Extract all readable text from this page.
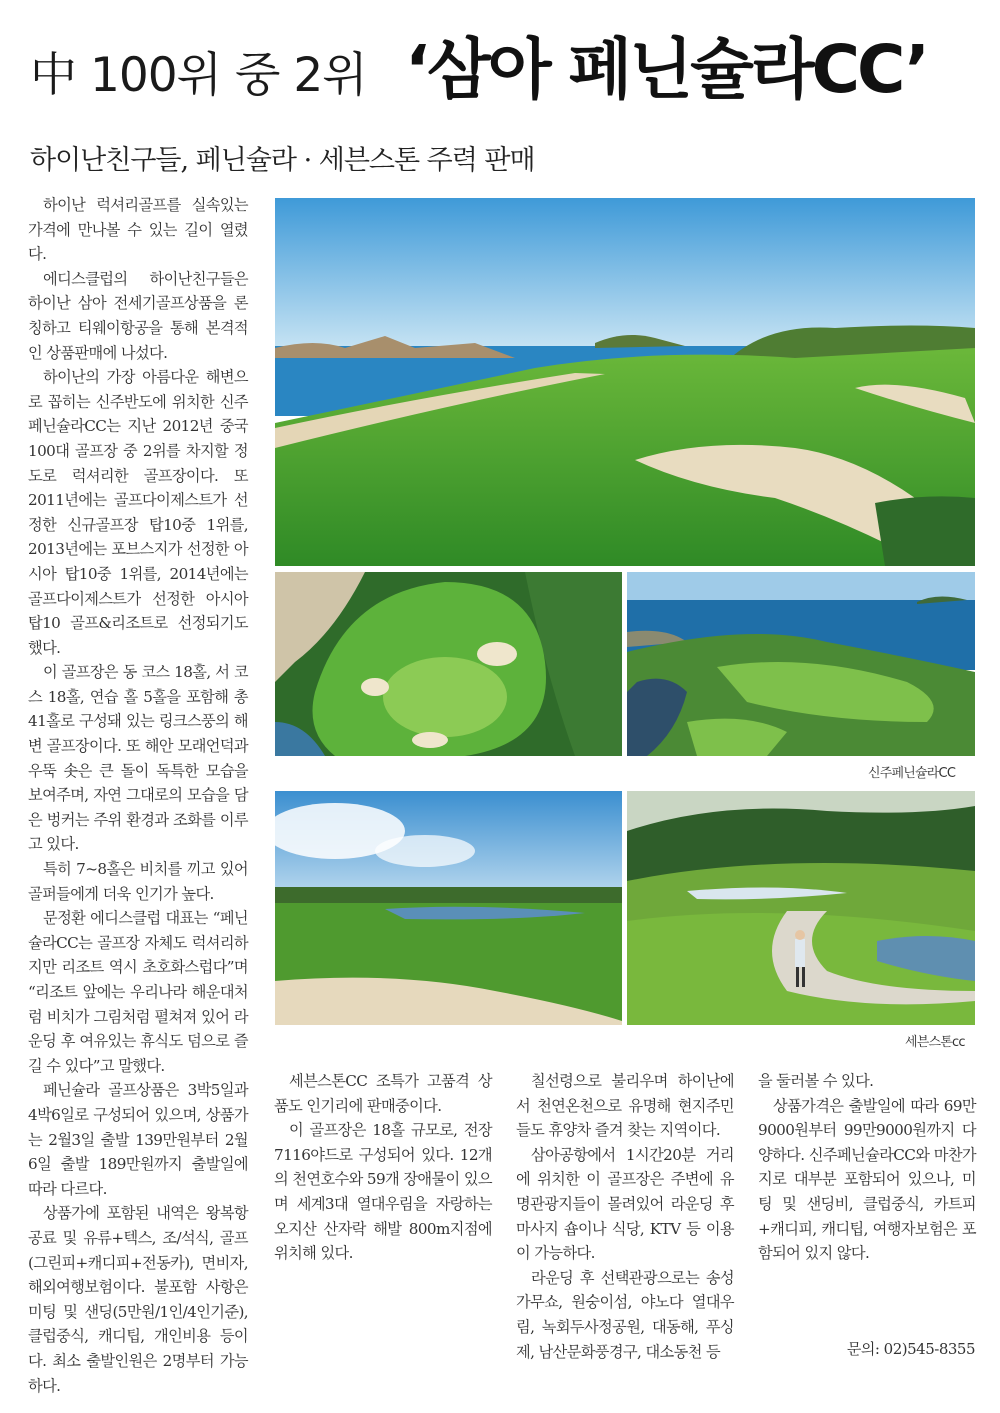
中 100위 중 2위 ‘삼아 페닌슐라CC’
하이난친구들, 페닌슐라 · 세븐스톤 주력 판매

하이난 럭셔리골프를 실속있는 가격에 만나볼 수 있는 길이 열렸다.

에디스클럽의 하이난친구들은 하이난 삼아 전세기골프상품을 론칭하고 티웨이항공을 통해 본격적인 상품판매에 나섰다.

하이난의 가장 아름다운 해변으로 꼽히는 신주반도에 위치한 신주페닌슐라CC는 지난 2012년 중국 100대 골프장 중 2위를 차지할 정도로 럭셔리한 골프장이다. 또 2011년에는 골프다이제스트가 선정한 신규골프장 탑10중 1위를, 2013년에는 포브스지가 선정한 아시아 탑10중 1위를, 2014년에는 골프다이제스트가 선정한 아시아 탑10 골프&리조트로 선정되기도 했다.

이 골프장은 동 코스 18홀, 서 코스 18홀, 연습 홀 5홀을 포함해 총 41홀로 구성돼 있는 링크스풍의 해변 골프장이다. 또 해안 모래언덕과 우뚝 솟은 큰 돌이 독특한 모습을 보여주며, 자연 그대로의 모습을 담은 벙커는 주위 환경과 조화를 이루고 있다.

특히 7~8홀은 비치를 끼고 있어 골퍼들에게 더욱 인기가 높다.

문정환 에디스클럽 대표는 “페닌슐라CC는 골프장 자체도 럭셔리하지만 리조트 역시 초호화스럽다”며 “리조트 앞에는 우리나라 해운대처럼 비치가 그림처럼 펼쳐져 있어 라운딩 후 여유있는 휴식도 덤으로 즐길 수 있다”고 말했다.

페닌슐라 골프상품은 3박5일과 4박6일로 구성되어 있으며, 상품가는 2월3일 출발 139만원부터 2월6일 출발 189만원까지 출발일에 따라 다르다.

상품가에 포함된 내역은 왕복항공료 및 유류+텍스, 조/석식, 골프(그린피+캐디피+전동카), 면비자, 해외여행보험이다. 불포함 사항은 미팅 및 샌딩(5만원/1인/4인기준), 클럽중식, 캐디팁, 개인비용 등이다. 최소 출발인원은 2명부터 가능하다.

신주페닌슐라CC
세븐스톤cc

세븐스톤CC 조특가 고품격 상품도 인기리에 판매중이다.

이 골프장은 18홀 규모로, 전장 7116야드로 구성되어 있다. 12개의 천연호수와 59개 장애물이 있으며 세계3대 열대우림을 자랑하는 오지산 산자락 해발 800m지점에 위치해 있다.

칠선령으로 불리우며 하이난에서 천연온천으로 유명해 현지주민들도 휴양차 즐겨 찾는 지역이다.

삼아공항에서 1시간20분 거리에 위치한 이 골프장은 주변에 유명관광지들이 몰려있어 라운딩 후 마사지 숍이나 식당, KTV 등 이용이 가능하다.

라운딩 후 선택관광으로는 송성가무쇼, 원숭이섬, 야노다 열대우림, 녹회두사정공원, 대동해, 푸싱제, 남산문화풍경구, 대소동천 등

을 둘러볼 수 있다.

상품가격은 출발일에 따라 69만9000원부터 99만9000원까지 다양하다. 신주페닌슐라CC와 마찬가지로 대부분 포함되어 있으나, 미팅 및 샌딩비, 클럽중식, 카트피+캐디피, 캐디팁, 여행자보험은 포함되어 있지 않다.

문의: 02)545-8355
